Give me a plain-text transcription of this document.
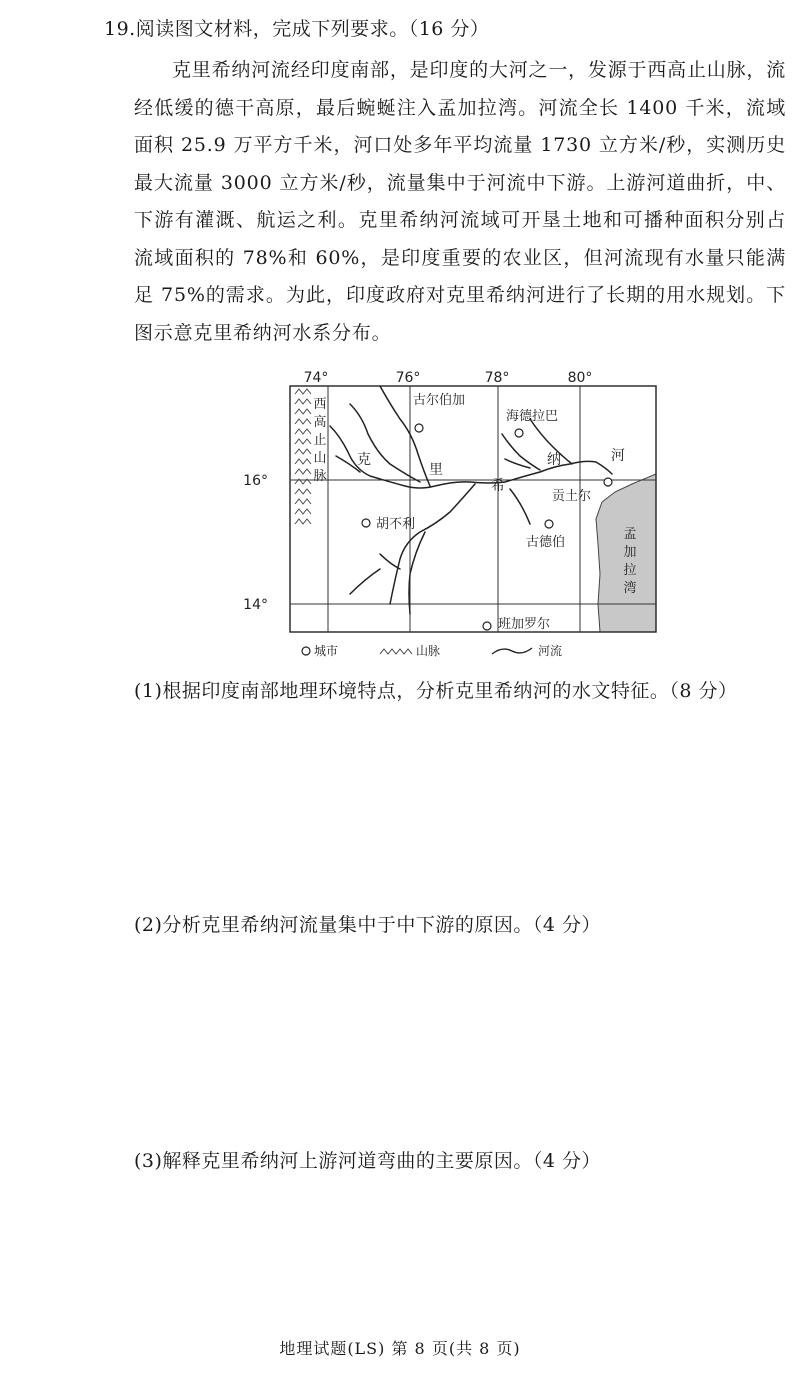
19.阅读图文材料，完成下列要求。（16 分）
克里希纳河流经印度南部，是印度的大河之一，发源于西高止山脉，流经低缓的德干高原，最后蜿蜒注入孟加拉湾。河流全长 1400 千米，流域面积 25.9 万平方千米，河口处多年平均流量 1730 立方米/秒，实测历史最大流量 3000 立方米/秒，流量集中于河流中下游。上游河道曲折，中、下游有灌溉、航运之利。克里希纳河流域可开垦土地和可播种面积分别占流域面积的 78%和 60%，是印度重要的农业区，但河流现有水量只能满足 75%的需求。为此，印度政府对克里希纳河进行了长期的用水规划。下图示意克里希纳河水系分布。
74°	76°	78°	80°
16°
14°
西
高
止
山
脉
克
里
希
纳	河
孟
加
拉
湾
古尔伯加
海德拉巴
胡不利
贡土尔
古德伯
班加罗尔
城市	山脉	河流
(1)根据印度南部地理环境特点，分析克里希纳河的水文特征。（8 分）
(2)分析克里希纳河流量集中于中下游的原因。（4 分）
(3)解释克里希纳河上游河道弯曲的主要原因。（4 分）
地理试题(LS) 第 8 页(共 8 页)
